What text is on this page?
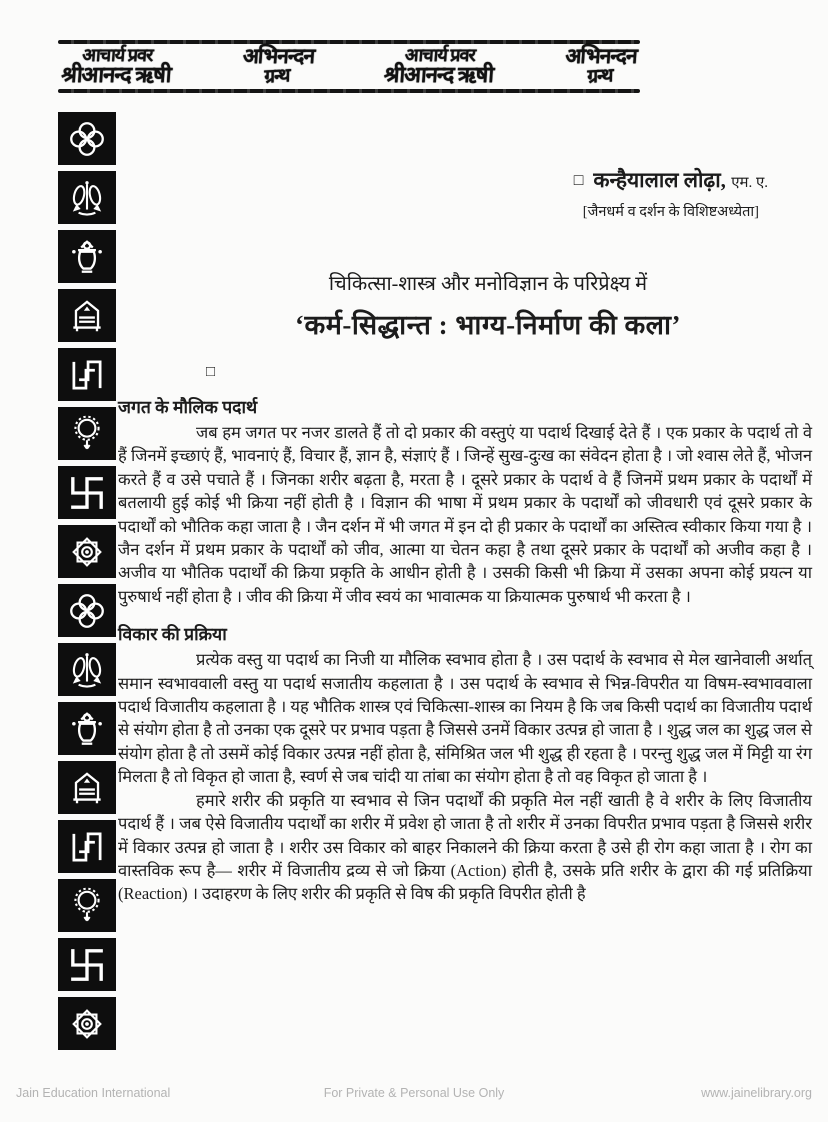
आचार्य प्रवर
श्रीआनन्द ऋषी
अभिनन्दन
ग्रन्थ
आचार्य प्रवर
श्रीआनन्द ऋषी
अभिनन्दन
ग्रन्थ
□ कन्हैयालाल लोढ़ा, एम. ए.
[जैनधर्म व दर्शन के विशिष्टअध्येता]
चिकित्सा-शास्त्र और मनोविज्ञान के परिप्रेक्ष्य में
‘कर्म-सिद्धान्त : भाग्य-निर्माण की कला’
□
जगत के मौलिक पदार्थ

जब हम जगत पर नजर डालते हैं तो दो प्रकार की वस्तुएं या पदार्थ दिखाई देते हैं । एक प्रकार के पदार्थ तो वे हैं जिनमें इच्छाएं हैं, भावनाएं हैं, विचार हैं, ज्ञान है, संज्ञाएं हैं । जिन्हें सुख-दुःख का संवेदन होता है । जो श्वास लेते हैं, भोजन करते हैं व उसे पचाते हैं । जिनका शरीर बढ़ता है, मरता है । दूसरे प्रकार के पदार्थ वे हैं जिनमें प्रथम प्रकार के पदार्थों में बतलायी हुई कोई भी क्रिया नहीं होती है । विज्ञान की भाषा में प्रथम प्रकार के पदार्थों को जीवधारी एवं दूसरे प्रकार के पदार्थों को भौतिक कहा जाता है । जैन दर्शन में भी जगत में इन दो ही प्रकार के पदार्थों का अस्तित्व स्वीकार किया गया है । जैन दर्शन में प्रथम प्रकार के पदार्थों को जीव, आत्मा या चेतन कहा है तथा दूसरे प्रकार के पदार्थों को अजीव कहा है । अजीव या भौतिक पदार्थों की क्रिया प्रकृति के आधीन होती है । उसकी किसी भी क्रिया में उसका अपना कोई प्रयत्न या पुरुषार्थ नहीं होता है । जीव की क्रिया में जीव स्वयं का भावात्मक या क्रियात्मक पुरुषार्थ भी करता है ।

विकार की प्रक्रिया

प्रत्येक वस्तु या पदार्थ का निजी या मौलिक स्वभाव होता है । उस पदार्थ के स्वभाव से मेल खानेवाली अर्थात् समान स्वभाववाली वस्तु या पदार्थ सजातीय कहलाता है । उस पदार्थ के स्वभाव से भिन्न-विपरीत या विषम-स्वभाववाला पदार्थ विजातीय कहलाता है । यह भौतिक शास्त्र एवं चिकित्सा-शास्त्र का नियम है कि जब किसी पदार्थ का विजातीय पदार्थ से संयोग होता है तो उनका एक दूसरे पर प्रभाव पड़ता है जिससे उनमें विकार उत्पन्न हो जाता है । शुद्ध जल का शुद्ध जल से संयोग होता है तो उसमें कोई विकार उत्पन्न नहीं होता है, संमिश्रित जल भी शुद्ध ही रहता है । परन्तु शुद्ध जल में मिट्टी या रंग मिलता है तो विकृत हो जाता है, स्वर्ण से जब चांदी या तांबा का संयोग होता है तो वह विकृत हो जाता है ।

हमारे शरीर की प्रकृति या स्वभाव से जिन पदार्थों की प्रकृति मेल नहीं खाती है वे शरीर के लिए विजातीय पदार्थ हैं । जब ऐसे विजातीय पदार्थों का शरीर में प्रवेश हो जाता है तो शरीर में उनका विपरीत प्रभाव पड़ता है जिससे शरीर में विकार उत्पन्न हो जाता है । शरीर उस विकार को बाहर निकालने की क्रिया करता है उसे ही रोग कहा जाता है । रोग का वास्तविक रूप है— शरीर में विजातीय द्रव्य से जो क्रिया (Action) होती है, उसके प्रति शरीर के द्वारा की गई प्रतिक्रिया (Reaction) । उदाहरण के लिए शरीर की प्रकृति से विष की प्रकृति विपरीत होती है

Jain Education International	For Private & Personal Use Only	www.jainelibrary.org
